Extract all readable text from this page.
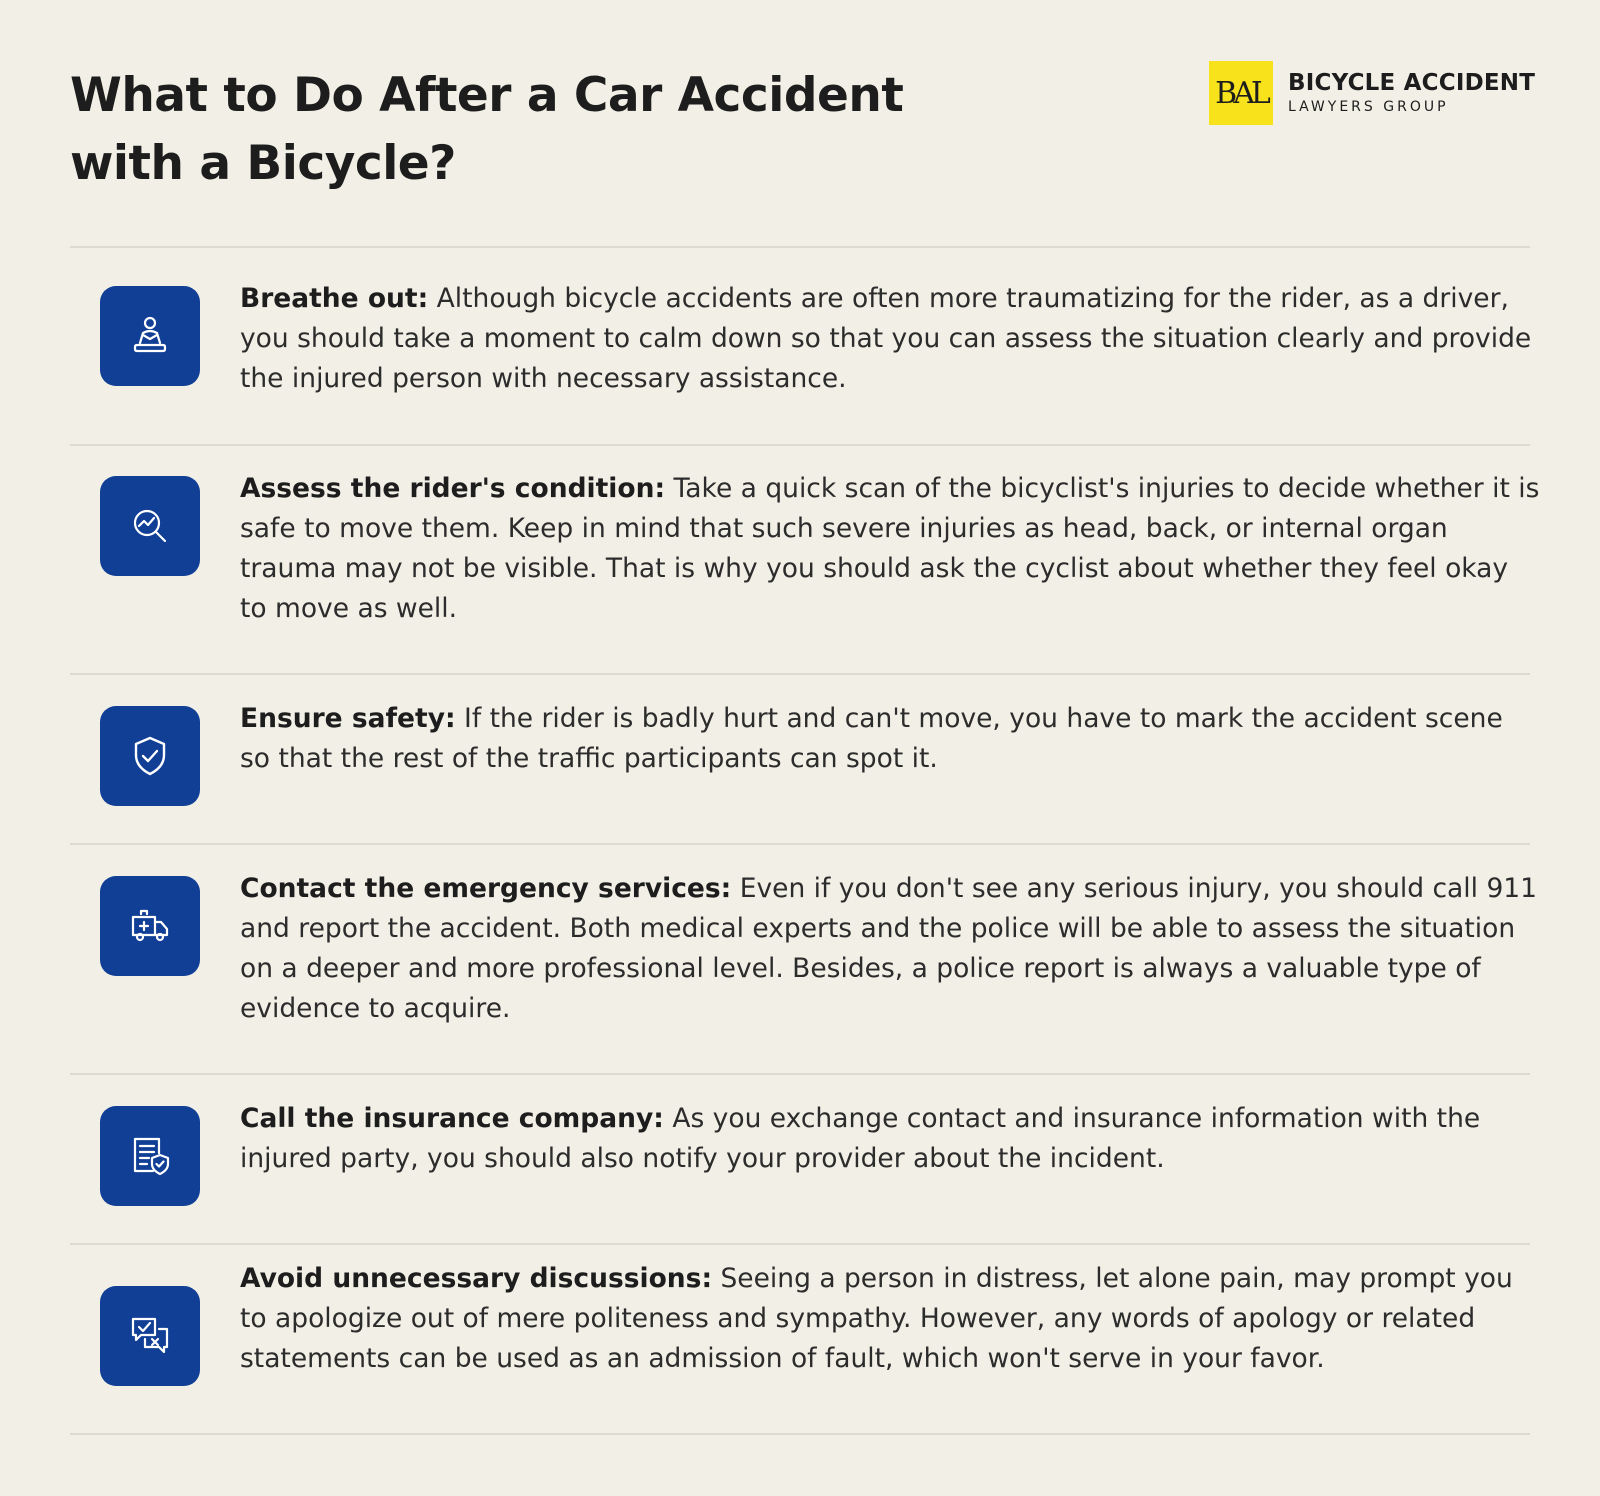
What to Do After a Car Accident
with a Bicycle?
BAL BICYCLE ACCIDENT
LAWYERS GROUP

Breathe out: Although bicycle accidents are often more traumatizing for the rider, as a driver, you should take a moment to calm down so that you can assess the situation clearly and provide the injured person with necessary assistance.

Assess the rider's condition: Take a quick scan of the bicyclist's injuries to decide whether it is safe to move them. Keep in mind that such severe injuries as head, back, or internal organ trauma may not be visible. That is why you should ask the cyclist about whether they feel okay to move as well.

Ensure safety: If the rider is badly hurt and can't move, you have to mark the accident scene so that the rest of the traffic participants can spot it.

Contact the emergency services: Even if you don't see any serious injury, you should call 911 and report the accident. Both medical experts and the police will be able to assess the situation on a deeper and more professional level. Besides, a police report is always a valuable type of evidence to acquire.

Call the insurance company: As you exchange contact and insurance information with the injured party, you should also notify your provider about the incident.

Avoid unnecessary discussions: Seeing a person in distress, let alone pain, may prompt you to apologize out of mere politeness and sympathy. However, any words of apology or related statements can be used as an admission of fault, which won't serve in your favor.
